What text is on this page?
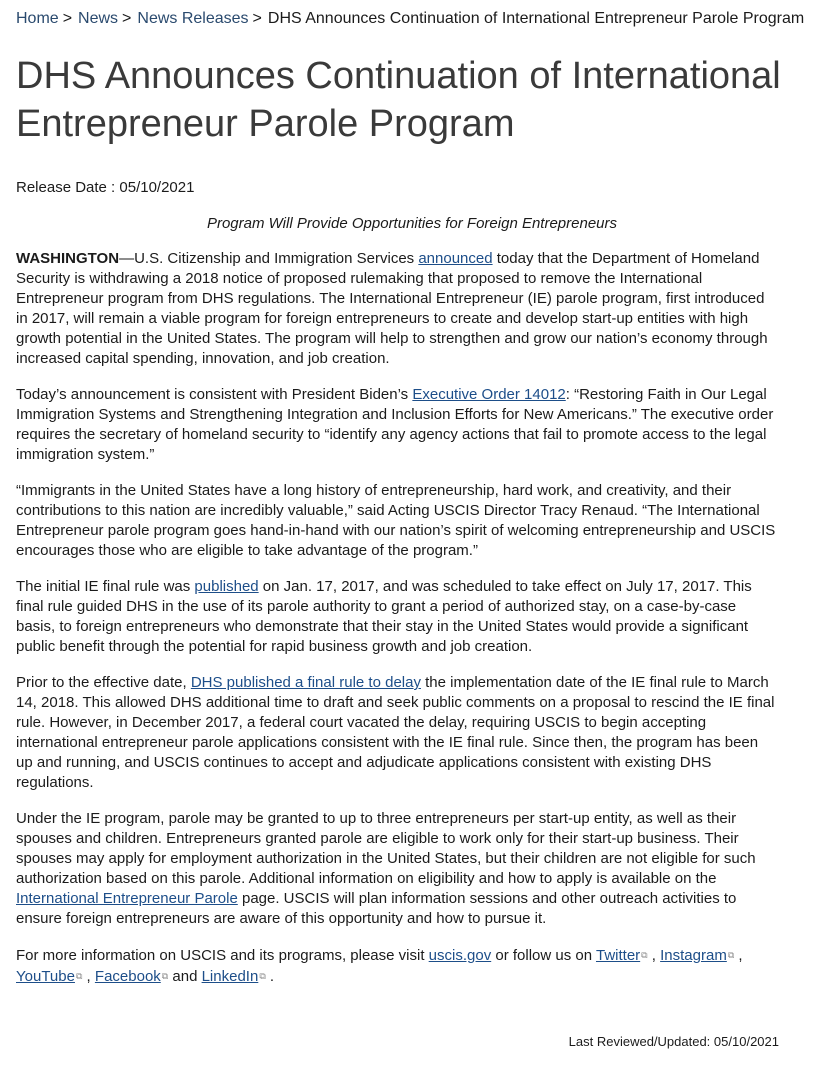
Home > News > News Releases > DHS Announces Continuation of International Entrepreneur Parole Program
DHS Announces Continuation of International Entrepreneur Parole Program
Release Date : 05/10/2021
Program Will Provide Opportunities for Foreign Entrepreneurs

WASHINGTON—U.S. Citizenship and Immigration Services announced today that the Department of Homeland Security is withdrawing a 2018 notice of proposed rulemaking that proposed to remove the International Entrepreneur program from DHS regulations. The International Entrepreneur (IE) parole program, first introduced in 2017, will remain a viable program for foreign entrepreneurs to create and develop start-up entities with high growth potential in the United States. The program will help to strengthen and grow our nation’s economy through increased capital spending, innovation, and job creation.

Today’s announcement is consistent with President Biden’s Executive Order 14012: “Restoring Faith in Our Legal Immigration Systems and Strengthening Integration and Inclusion Efforts for New Americans.” The executive order requires the secretary of homeland security to “identify any agency actions that fail to promote access to the legal immigration system.”

“Immigrants in the United States have a long history of entrepreneurship, hard work, and creativity, and their contributions to this nation are incredibly valuable,” said Acting USCIS Director Tracy Renaud. “The International Entrepreneur parole program goes hand-in-hand with our nation’s spirit of welcoming entrepreneurship and USCIS encourages those who are eligible to take advantage of the program.”

The initial IE final rule was published on Jan. 17, 2017, and was scheduled to take effect on July 17, 2017. This final rule guided DHS in the use of its parole authority to grant a period of authorized stay, on a case-by-case basis, to foreign entrepreneurs who demonstrate that their stay in the United States would provide a significant public benefit through the potential for rapid business growth and job creation.

Prior to the effective date, DHS published a final rule to delay the implementation date of the IE final rule to March 14, 2018. This allowed DHS additional time to draft and seek public comments on a proposal to rescind the IE final rule. However, in December 2017, a federal court vacated the delay, requiring USCIS to begin accepting international entrepreneur parole applications consistent with the IE final rule. Since then, the program has been up and running, and USCIS continues to accept and adjudicate applications consistent with existing DHS regulations.

Under the IE program, parole may be granted to up to three entrepreneurs per start-up entity, as well as their spouses and children. Entrepreneurs granted parole are eligible to work only for their start-up business. Their spouses may apply for employment authorization in the United States, but their children are not eligible for such authorization based on this parole. Additional information on eligibility and how to apply is available on the International Entrepreneur Parole page. USCIS will plan information sessions and other outreach activities to ensure foreign entrepreneurs are aware of this opportunity and how to pursue it.

For more information on USCIS and its programs, please visit uscis.gov or follow us on Twitter⧉ , Instagram⧉ , YouTube⧉ , Facebook⧉ and LinkedIn⧉ .

Last Reviewed/Updated: 05/10/2021
